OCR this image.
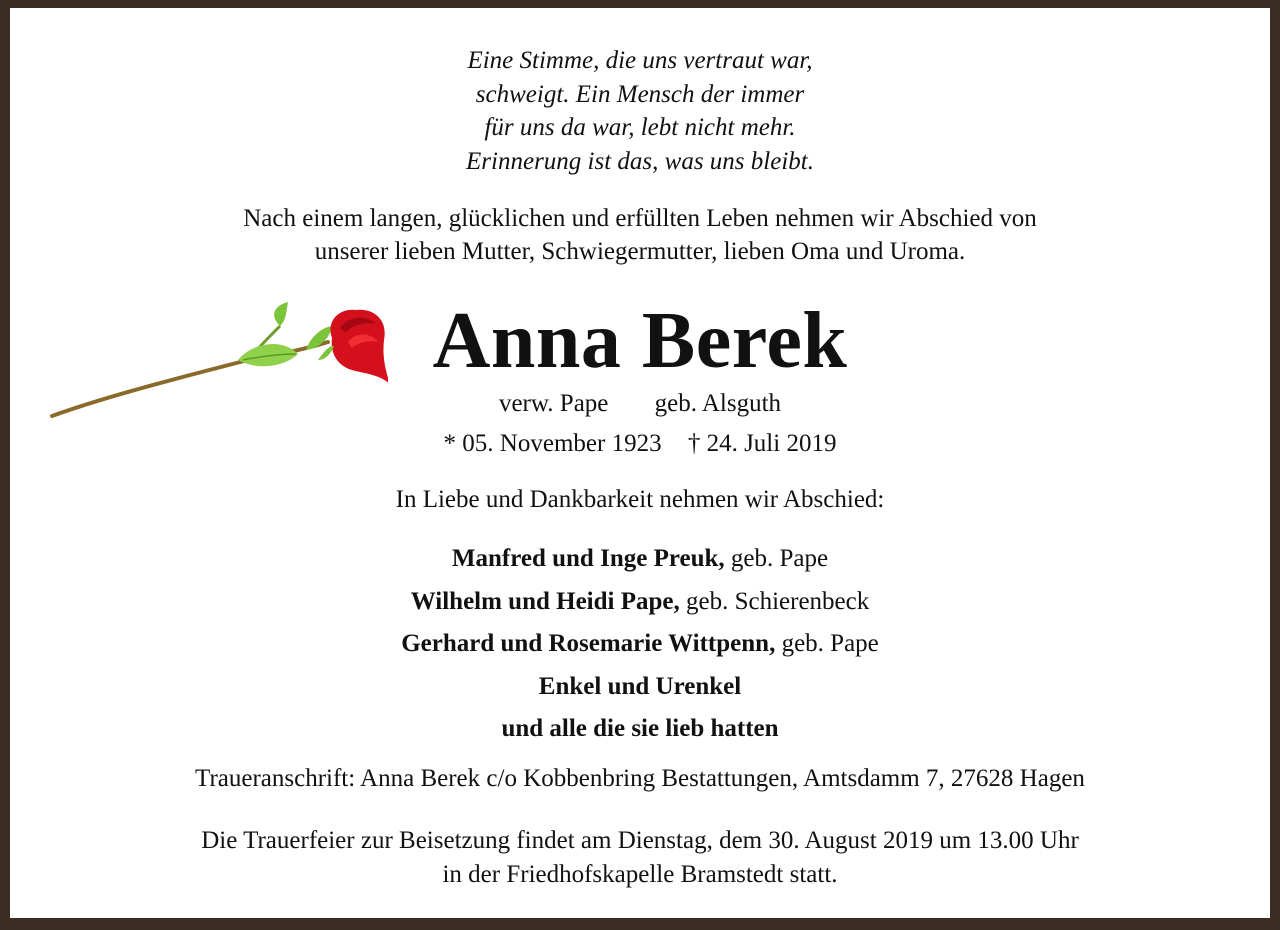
Eine Stimme, die uns vertraut war,
schweigt. Ein Mensch der immer
für uns da war, lebt nicht mehr.
Erinnerung ist das, was uns bleibt.
Nach einem langen, glücklichen und erfüllten Leben nehmen wir Abschied von
unserer lieben Mutter, Schwiegermutter, lieben Oma und Uroma.
Anna Berek
verw. Pape geb. Alsguth
* 05. November 1923 † 24. Juli 2019
In Liebe und Dankbarkeit nehmen wir Abschied:
Manfred und Inge Preuk, geb. Pape
Wilhelm und Heidi Pape, geb. Schierenbeck
Gerhard und Rosemarie Wittpenn, geb. Pape
Enkel und Urenkel
und alle die sie lieb hatten
Traueranschrift: Anna Berek c/o Kobbenbring Bestattungen, Amtsdamm 7, 27628 Hagen
Die Trauerfeier zur Beisetzung findet am Dienstag, dem 30. August 2019 um 13.00 Uhr
in der Friedhofskapelle Bramstedt statt.
